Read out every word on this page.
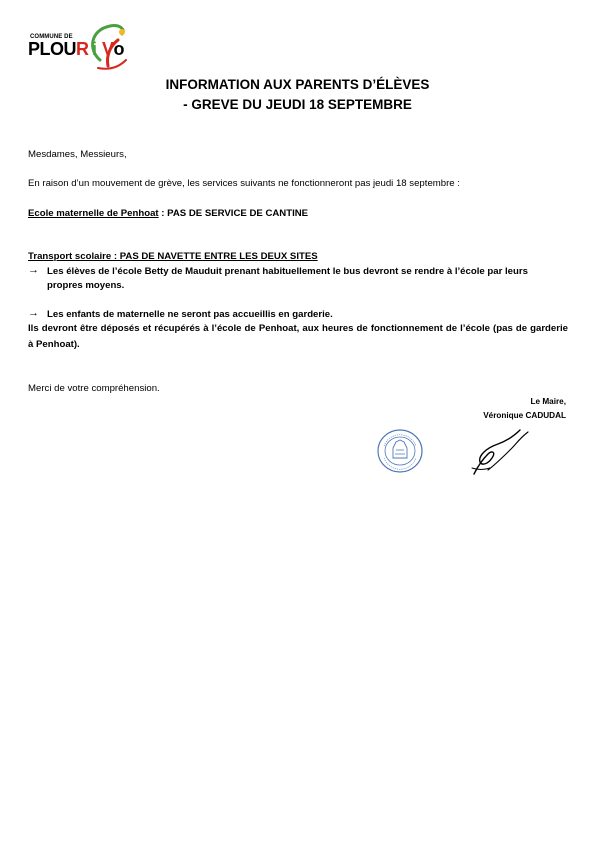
COMMUNE DE
PLOU R i V o
INFORMATION AUX PARENTS D’ÉLÈVES
- GREVE DU JEUDI 18 SEPTEMBRE
Mesdames, Messieurs,
En raison d’un mouvement de grève, les services suivants ne fonctionneront pas jeudi 18 septembre :
Ecole maternelle de Penhoat : PAS DE SERVICE DE CANTINE
Transport scolaire : PAS DE NAVETTE ENTRE LES DEUX SITES
→ Les élèves de l’école Betty de Mauduit prenant habituellement le bus devront se rendre à l’école par leurs
propres moyens.
→ Les enfants de maternelle ne seront pas accueillis en garderie.
Ils devront être déposés et récupérés à l’école de Penhoat, aux heures de fonctionnement de l’école (pas de garderie à Penhoat).
Merci de votre compréhension.
Le Maire,
Véronique CADUDAL
